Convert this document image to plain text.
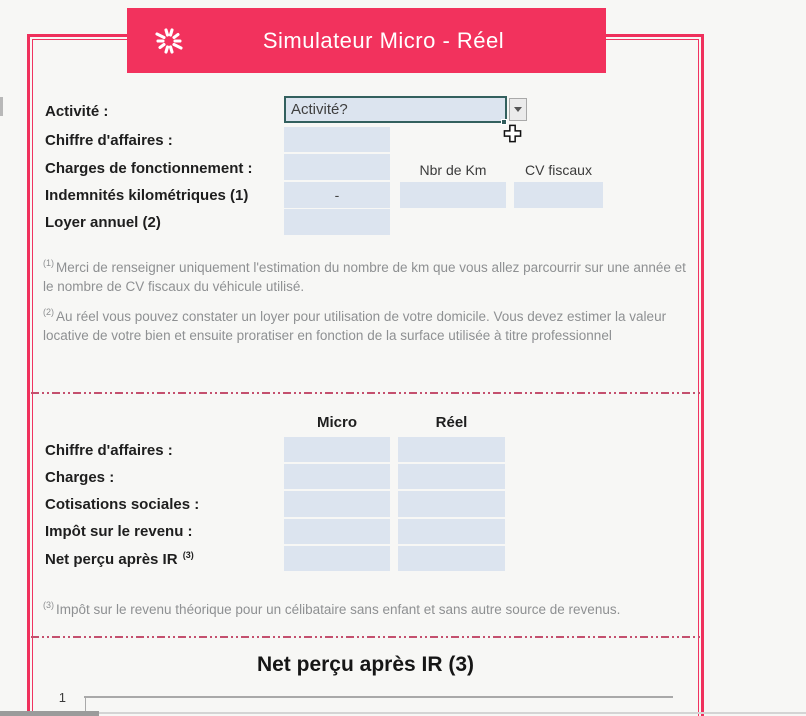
Simulateur Micro - Réel
Activité :
Chiffre d'affaires :
Charges de fonctionnement :
Indemnités kilométriques (1)
Loyer annuel (2)
Activité?
-
Nbr de Km	CV fiscaux
$^{(1)}$ Merci de renseigner uniquement l'estimation du nombre de km que vous allez parcourrir sur une année et le nombre de CV fiscaux du véhicule utilisé.
$^{(2)}$ Au réel vous pouvez constater un loyer pour utilisation de votre domicile. Vous devez estimer la valeur locative de votre bien et ensuite proratiser en fonction de la surface utilisée à titre professionnel
Micro	Réel
Chiffre d'affaires :
Charges :
Cotisations sociales :
Impôt sur le revenu :
Net perçu après IR $^{(3)}$
$^{(3)}$ Impôt sur le revenu théorique pour un célibataire sans enfant et sans autre source de revenus.
Net perçu après IR (3)
1
